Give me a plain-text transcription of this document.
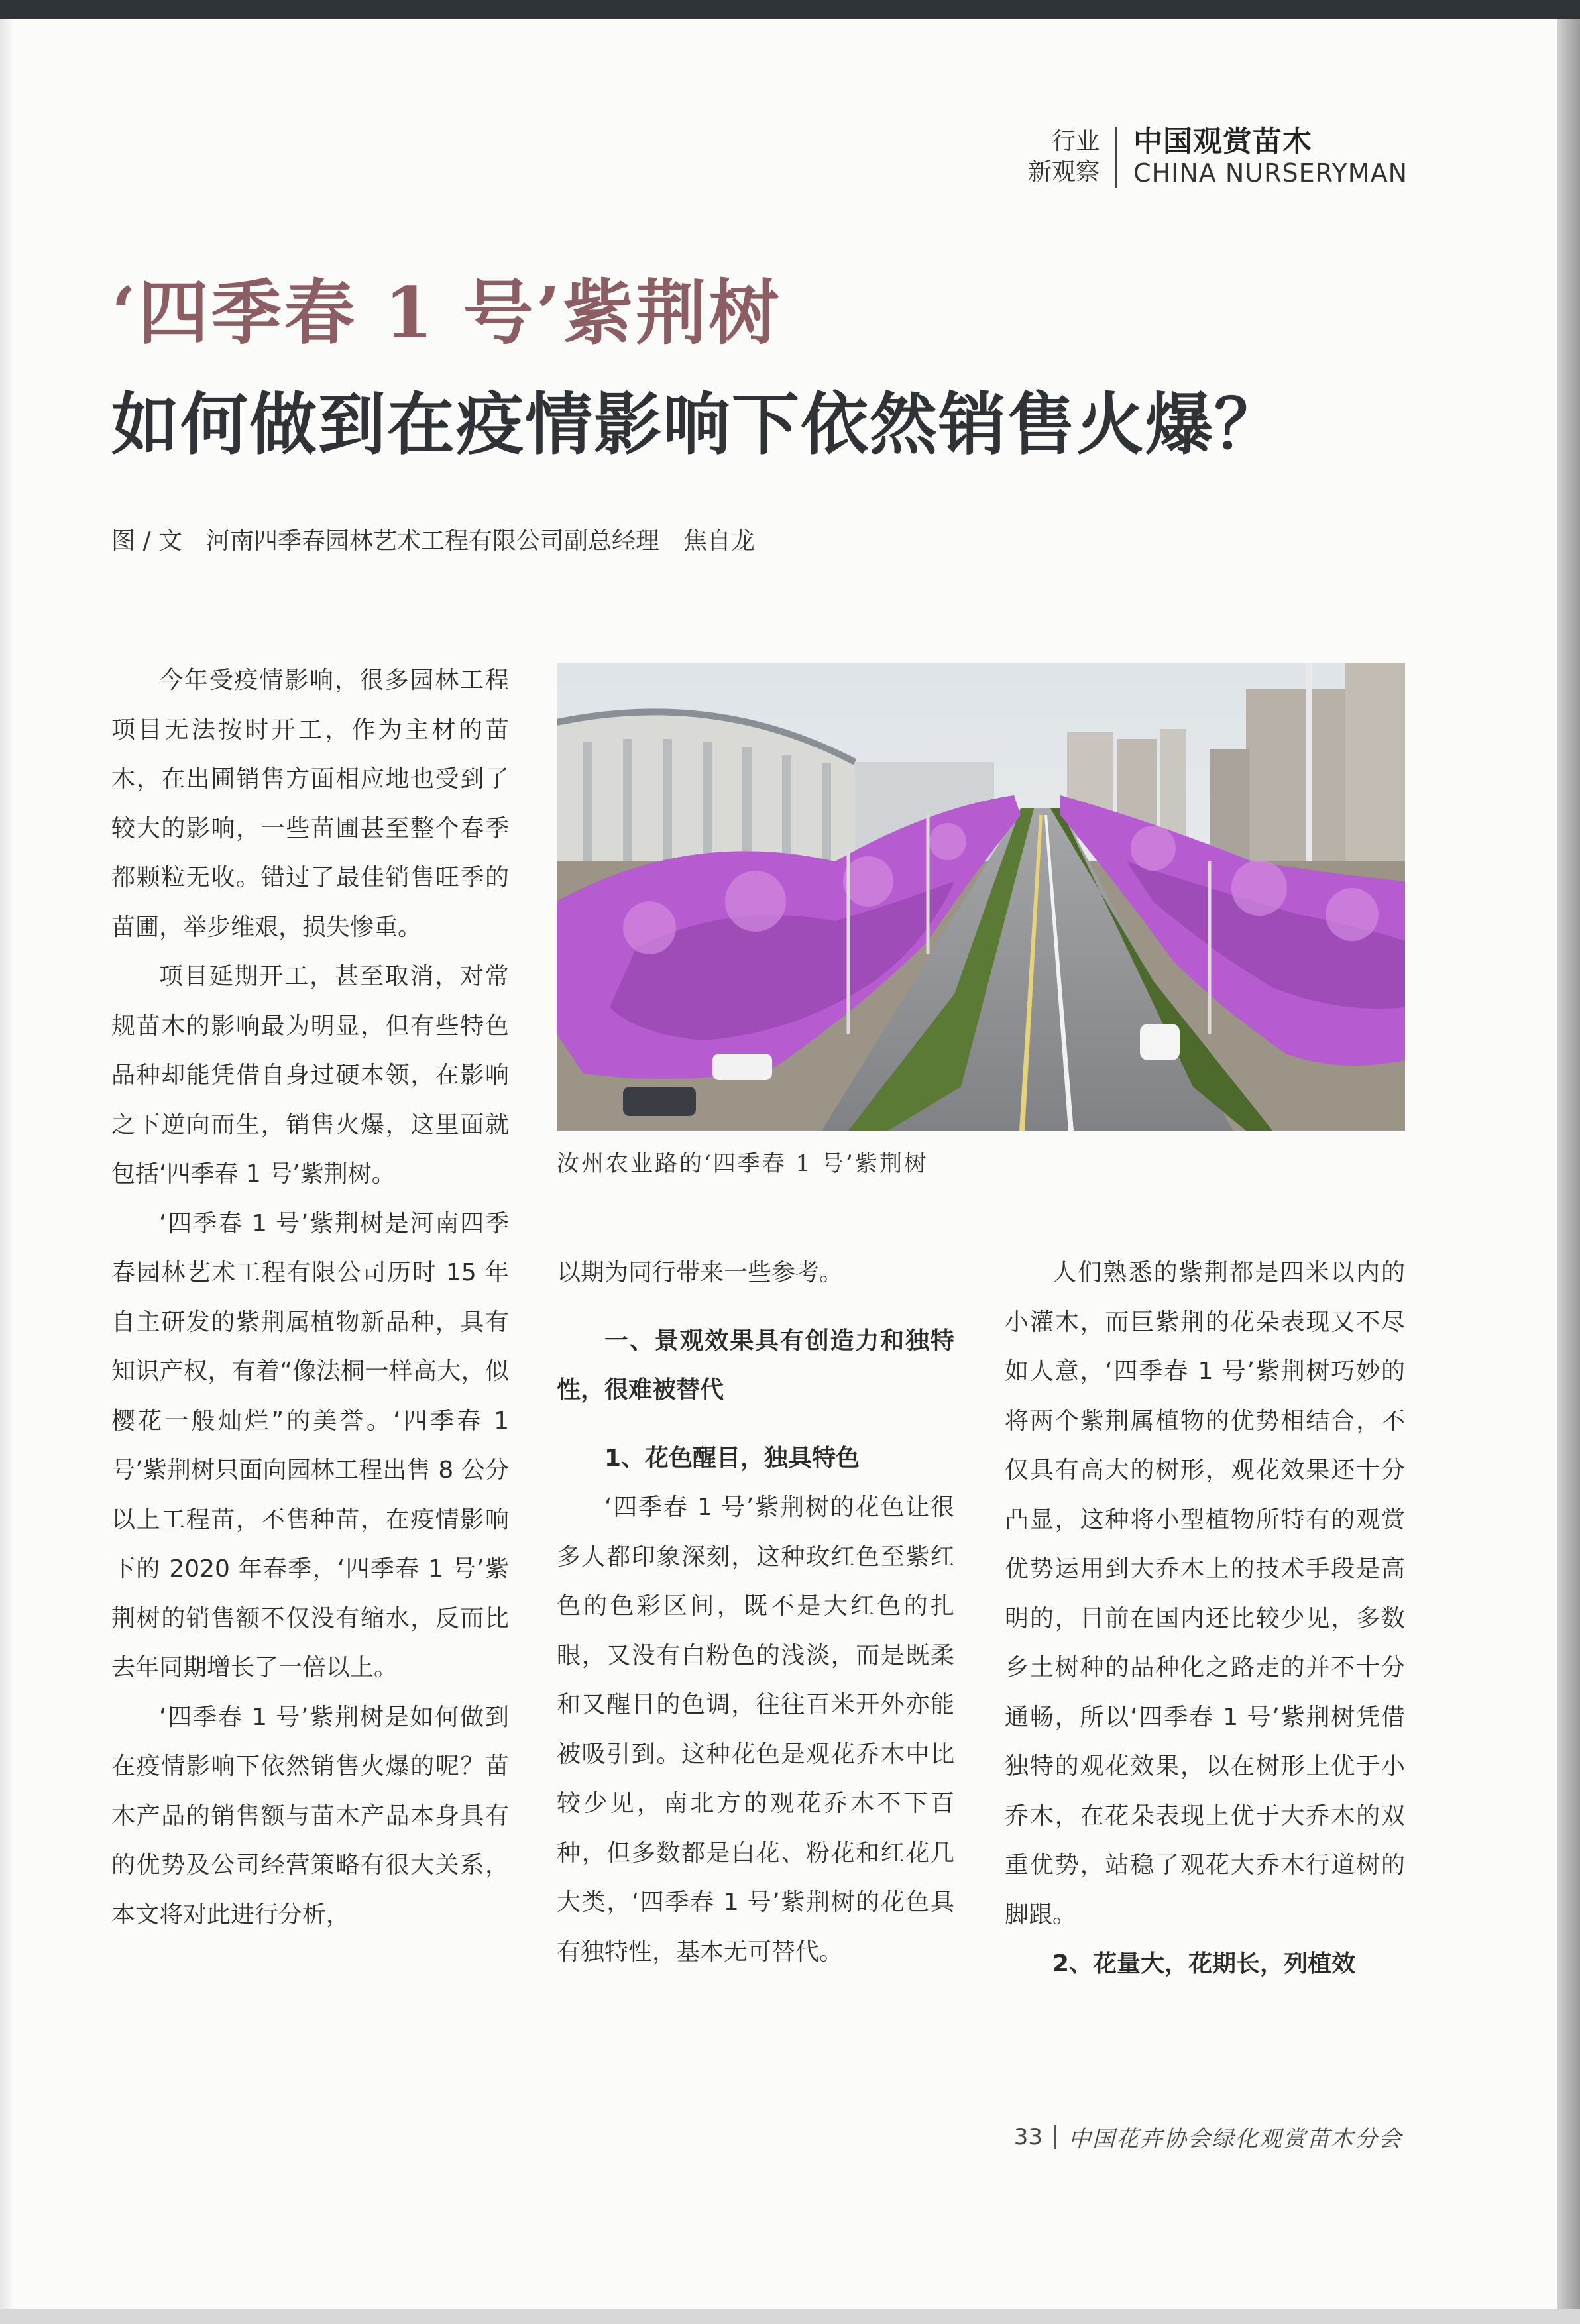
行业
新观察
中国观赏苗木
CHINA NURSERYMAN
‘四季春 1 号’紫荆树
如何做到在疫情影响下依然销售火爆？
图 / 文　河南四季春园林艺术工程有限公司副总经理　焦自龙

今年受疫情影响，很多园林工程项目无法按时开工，作为主材的苗木，在出圃销售方面相应地也受到了较大的影响，一些苗圃甚至整个春季都颗粒无收。错过了最佳销售旺季的苗圃，举步维艰，损失惨重。

项目延期开工，甚至取消，对常规苗木的影响最为明显，但有些特色品种却能凭借自身过硬本领，在影响之下逆向而生，销售火爆，这里面就包括‘四季春 1 号’紫荆树。

‘四季春 1 号’紫荆树是河南四季春园林艺术工程有限公司历时 15 年自主研发的紫荆属植物新品种，具有知识产权，有着“像法桐一样高大，似樱花一般灿烂”的美誉。‘四季春 1 号’紫荆树只面向园林工程出售 8 公分以上工程苗，不售种苗，在疫情影响下的 2020 年春季，‘四季春 1 号’紫荆树的销售额不仅没有缩水，反而比去年同期增长了一倍以上。

‘四季春 1 号’紫荆树是如何做到在疫情影响下依然销售火爆的呢？苗木产品的销售额与苗木产品本身具有的优势及公司经营策略有很大关系，本文将对此进行分析，

汝州农业路的‘四季春 1 号’紫荆树

以期为同行带来一些参考。

一、景观效果具有创造力和独特性，很难被替代
1、花色醒目，独具特色

‘四季春 1 号’紫荆树的花色让很多人都印象深刻，这种玫红色至紫红色的色彩区间，既不是大红色的扎眼，又没有白粉色的浅淡，而是既柔和又醒目的色调，往往百米开外亦能被吸引到。这种花色是观花乔木中比较少见，南北方的观花乔木不下百种，但多数都是白花、粉花和红花几大类，‘四季春 1 号’紫荆树的花色具有独特性，基本无可替代。

人们熟悉的紫荆都是四米以内的小灌木，而巨紫荆的花朵表现又不尽如人意，‘四季春 1 号’紫荆树巧妙的将两个紫荆属植物的优势相结合，不仅具有高大的树形，观花效果还十分凸显，这种将小型植物所特有的观赏优势运用到大乔木上的技术手段是高明的，目前在国内还比较少见，多数乡土树种的品种化之路走的并不十分通畅，所以‘四季春 1 号’紫荆树凭借独特的观花效果，以在树形上优于小乔木，在花朵表现上优于大乔木的双重优势，站稳了观花大乔木行道树的脚跟。

2、花量大，花期长，列植效
33	中国花卉协会绿化观赏苗木分会
